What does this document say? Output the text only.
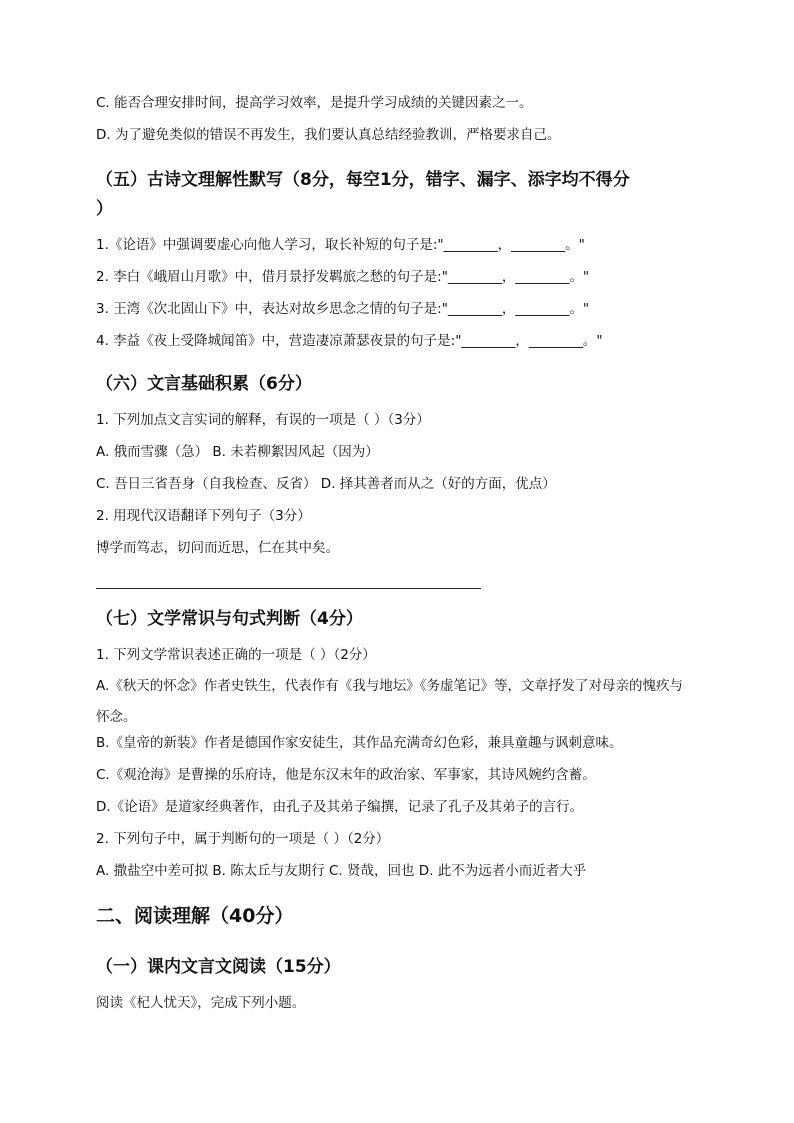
C. 能否合理安排时间，提高学习效率，是提升学习成绩的关键因素之一。
D. 为了避免类似的错误不再发生，我们要认真总结经验教训，严格要求自己。
（五）古诗文理解性默写（8分，每空1分，错字、漏字、添字均不得分
）
1.《论语》中强调要虚心向他人学习，取长补短的句子是:"________，________。"
2. 李白《峨眉山月歌》中，借月景抒发羁旅之愁的句子是:"________，________。"
3. 王湾《次北固山下》中，表达对故乡思念之情的句子是:"________，________。"
4. 李益《夜上受降城闻笛》中，营造凄凉萧瑟夜景的句子是:"________，________。"
（六）文言基础积累（6分）
1. 下列加点文言实词的解释，有误的一项是（ ）（3分）
A. 俄而雪骤（急） B. 未若柳絮因风起（因为）
C. 吾日三省吾身（自我检查、反省） D. 择其善者而从之（好的方面，优点）
2. 用现代汉语翻译下列句子（3分）
博学而笃志，切问而近思，仁在其中矣。
（七）文学常识与句式判断（4分）
1. 下列文学常识表述正确的一项是（ ）（2分）
A.《秋天的怀念》作者史铁生，代表作有《我与地坛》《务虚笔记》等，文章抒发了对母亲的愧疚与怀念。
B.《皇帝的新装》作者是德国作家安徒生，其作品充满奇幻色彩，兼具童趣与讽刺意味。
C.《观沧海》是曹操的乐府诗，他是东汉末年的政治家、军事家，其诗风婉约含蓄。
D.《论语》是道家经典著作，由孔子及其弟子编撰，记录了孔子及其弟子的言行。
2. 下列句子中，属于判断句的一项是（ ）（2分）
A. 撒盐空中差可拟 B. 陈太丘与友期行 C. 贤哉，回也 D. 此不为远者小而近者大乎
二、阅读理解（40分）
（一）课内文言文阅读（15分）
阅读《杞人忧天》，完成下列小题。
